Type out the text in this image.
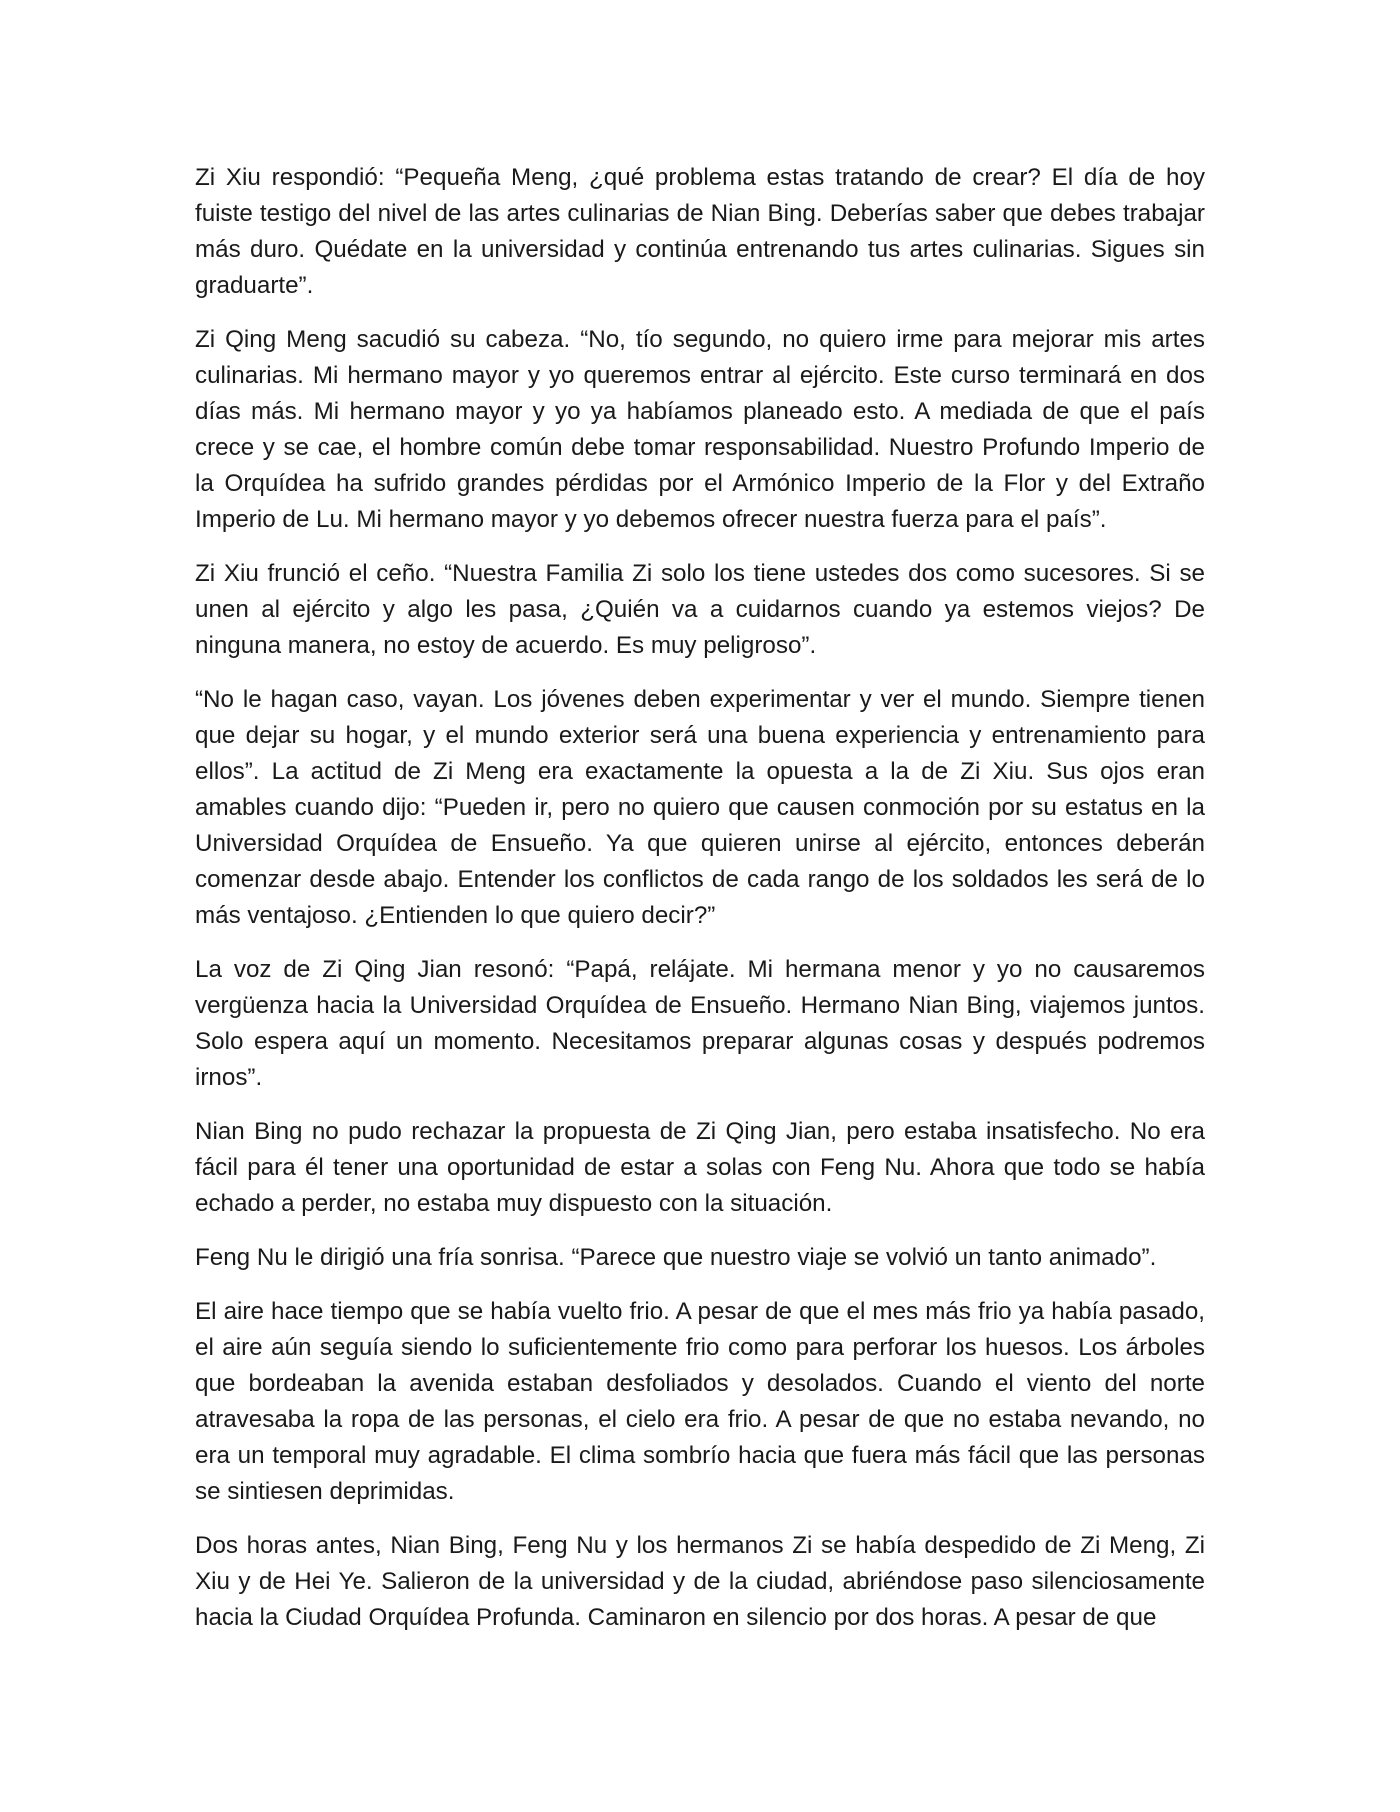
Zi Xiu respondió: “Pequeña Meng, ¿qué problema estas tratando de crear? El día de hoy fuiste testigo del nivel de las artes culinarias de Nian Bing. Deberías saber que debes trabajar más duro. Quédate en la universidad y continúa entrenando tus artes culinarias. Sigues sin graduarte”.

Zi Qing Meng sacudió su cabeza. “No, tío segundo, no quiero irme para mejorar mis artes culinarias. Mi hermano mayor y yo queremos entrar al ejército. Este curso terminará en dos días más. Mi hermano mayor y yo ya habíamos planeado esto. A mediada de que el país crece y se cae, el hombre común debe tomar responsabilidad. Nuestro Profundo Imperio de la Orquídea ha sufrido grandes pérdidas por el Armónico Imperio de la Flor y del Extraño Imperio de Lu. Mi hermano mayor y yo debemos ofrecer nuestra fuerza para el país”.

Zi Xiu frunció el ceño. “Nuestra Familia Zi solo los tiene ustedes dos como sucesores. Si se unen al ejército y algo les pasa, ¿Quién va a cuidarnos cuando ya estemos viejos? De ninguna manera, no estoy de acuerdo. Es muy peligroso”.

“No le hagan caso, vayan. Los jóvenes deben experimentar y ver el mundo. Siempre tienen que dejar su hogar, y el mundo exterior será una buena experiencia y entrenamiento para ellos”. La actitud de Zi Meng era exactamente la opuesta a la de Zi Xiu. Sus ojos eran amables cuando dijo: “Pueden ir, pero no quiero que causen conmoción por su estatus en la Universidad Orquídea de Ensueño. Ya que quieren unirse al ejército, entonces deberán comenzar desde abajo. Entender los conflictos de cada rango de los soldados les será de lo más ventajoso. ¿Entienden lo que quiero decir?”

La voz de Zi Qing Jian resonó: “Papá, relájate. Mi hermana menor y yo no causaremos vergüenza hacia la Universidad Orquídea de Ensueño. Hermano Nian Bing, viajemos juntos. Solo espera aquí un momento. Necesitamos preparar algunas cosas y después podremos irnos”.

Nian Bing no pudo rechazar la propuesta de Zi Qing Jian, pero estaba insatisfecho. No era fácil para él tener una oportunidad de estar a solas con Feng Nu. Ahora que todo se había echado a perder, no estaba muy dispuesto con la situación.

Feng Nu le dirigió una fría sonrisa. “Parece que nuestro viaje se volvió un tanto animado”.

El aire hace tiempo que se había vuelto frio. A pesar de que el mes más frio ya había pasado, el aire aún seguía siendo lo suficientemente frio como para perforar los huesos. Los árboles que bordeaban la avenida estaban desfoliados y desolados. Cuando el viento del norte atravesaba la ropa de las personas, el cielo era frio. A pesar de que no estaba nevando, no era un temporal muy agradable. El clima sombrío hacia que fuera más fácil que las personas se sintiesen deprimidas.

Dos horas antes, Nian Bing, Feng Nu y los hermanos Zi se había despedido de Zi Meng, Zi Xiu y de Hei Ye. Salieron de la universidad y de la ciudad, abriéndose paso silenciosamente hacia la Ciudad Orquídea Profunda. Caminaron en silencio por dos horas. A pesar de que
